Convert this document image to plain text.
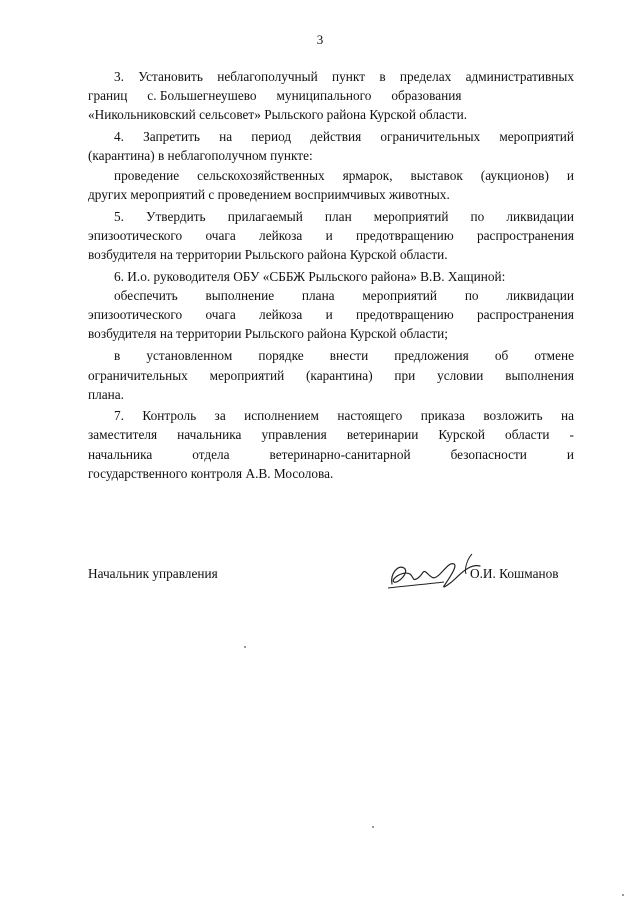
3
3. Установить неблагополучный пункт в пределах административных
границ      с. Большегнеушево      муниципального      образования
«Никольниковский сельсовет» Рыльского района Курской области.
4. Запретить на период действия ограничительных мероприятий
(карантина) в неблагополучном пункте:
проведение сельскохозяйственных ярмарок, выставок (аукционов) и
других мероприятий с проведением восприимчивых животных.
5. Утвердить прилагаемый план мероприятий по ликвидации
эпизоотического очага лейкоза и предотвращению распространения
возбудителя на территории Рыльского района Курской области.
6. И.о. руководителя ОБУ «СББЖ Рыльского района» В.В. Хащиной:
обеспечить выполнение плана мероприятий по ликвидации
эпизоотического очага лейкоза и предотвращению распространения
возбудителя на территории Рыльского района Курской области;
в установленном порядке внести предложения об отмене
ограничительных мероприятий (карантина) при условии выполнения
плана.
7. Контроль за исполнением настоящего приказа возложить на
заместителя начальника управления ветеринарии Курской области -
начальника отдела ветеринарно-санитарной безопасности и
государственного контроля А.В. Мосолова.
Начальник управления	О.И. Кошманов
